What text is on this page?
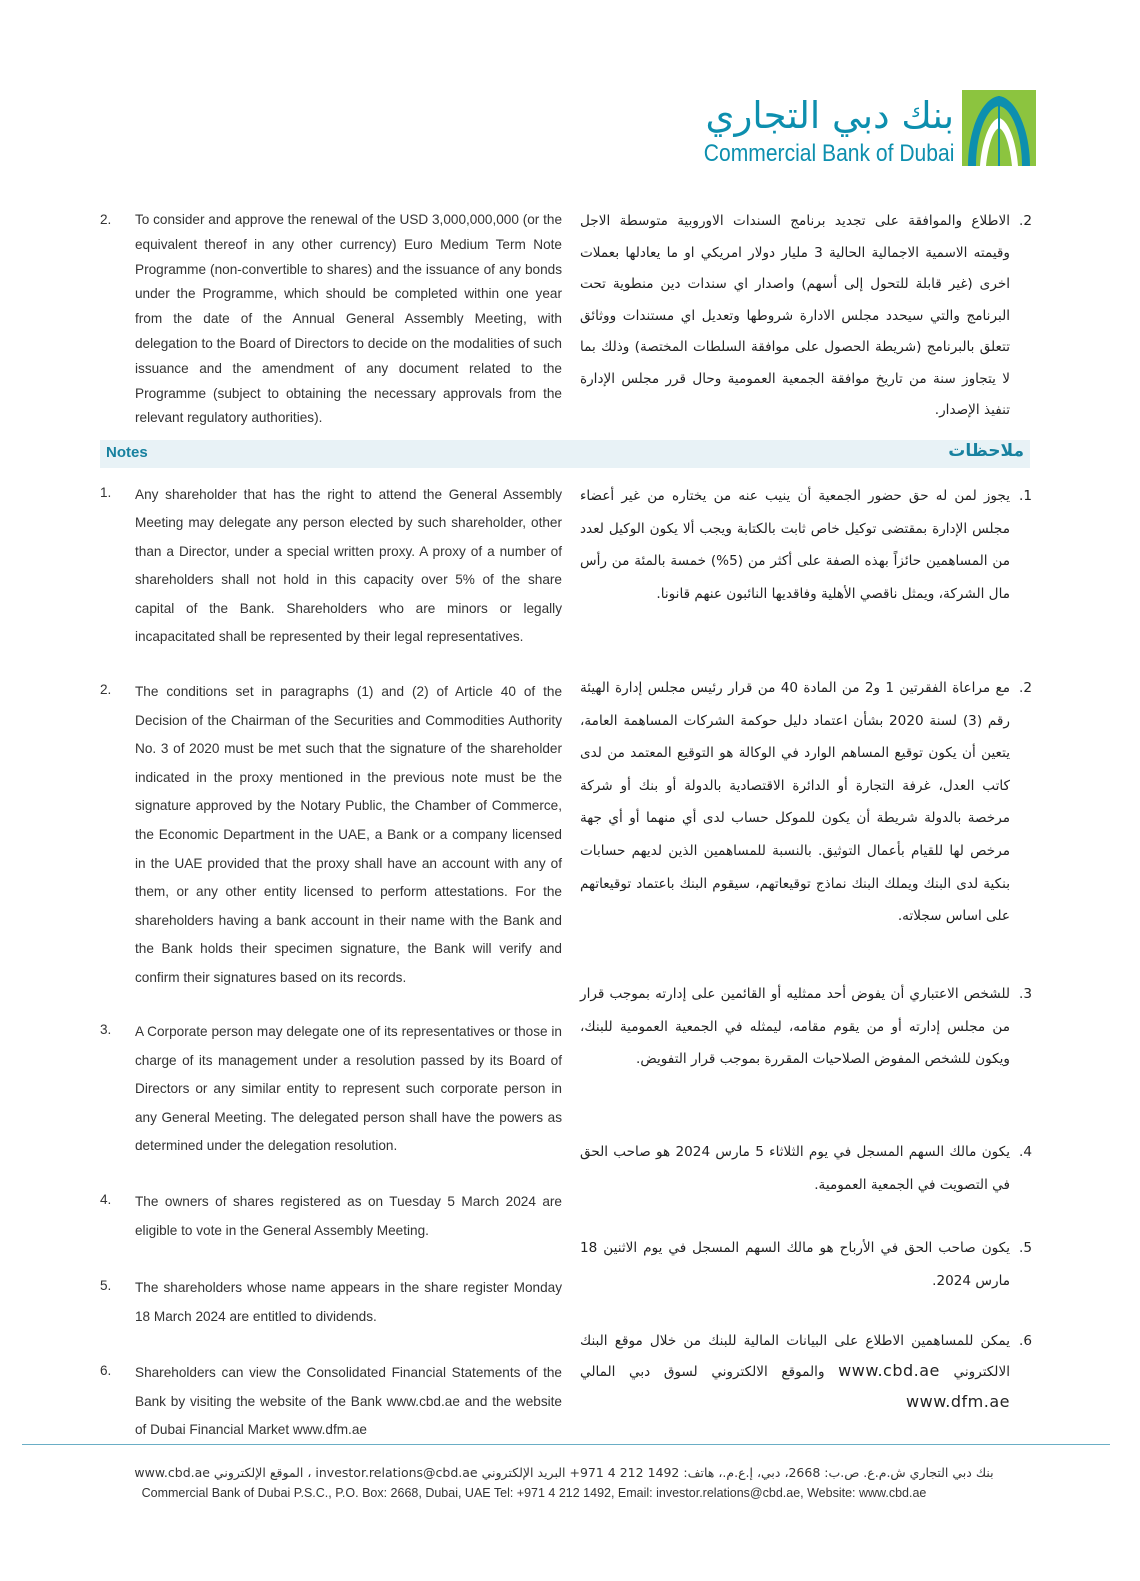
بنك دبي التجاري
Commercial Bank of Dubai
2. To consider and approve the renewal of the USD 3,000,000,000 (or the equivalent thereof in any other currency) Euro Medium Term Note Programme (non-convertible to shares) and the issuance of any bonds under the Programme, which should be completed within one year from the date of the Annual General Assembly Meeting, with delegation to the Board of Directors to decide on the modalities of such issuance and the amendment of any document related to the Programme (subject to obtaining the necessary approvals from the relevant regulatory authorities).
.2
الاطلاع والموافقة على تجديد برنامج السندات الاوروبية متوسطة الاجل وقيمته الاسمية الاجمالية الحالية 3 مليار دولار امريكي او ما يعادلها بعملات اخرى (غير قابلة للتحول إلى أسهم) واصدار اي سندات دين منطوية تحت البرنامج والتي سيحدد مجلس الادارة شروطها وتعديل اي مستندات ووثائق تتعلق بالبرنامج (شريطة الحصول على موافقة السلطات المختصة) وذلك بما لا يتجاوز سنة من تاريخ موافقة الجمعية العمومية وحال قرر مجلس الإدارة تنفيذ الإصدار.
Notes	ملاحظات
1. Any shareholder that has the right to attend the General Assembly Meeting may delegate any person elected by such shareholder, other than a Director, under a special written proxy. A proxy of a number of shareholders shall not hold in this capacity over 5% of the share capital of the Bank. Shareholders who are minors or legally incapacitated shall be represented by their legal representatives.
2. The conditions set in paragraphs (1) and (2) of Article 40 of the Decision of the Chairman of the Securities and Commodities Authority No. 3 of 2020 must be met such that the signature of the shareholder indicated in the proxy mentioned in the previous note must be the signature approved by the Notary Public, the Chamber of Commerce, the Economic Department in the UAE, a Bank or a company licensed in the UAE provided that the proxy shall have an account with any of them, or any other entity licensed to perform attestations. For the shareholders having a bank account in their name with the Bank and the Bank holds their specimen signature, the Bank will verify and confirm their signatures based on its records.
3. A Corporate person may delegate one of its representatives or those in charge of its management under a resolution passed by its Board of Directors or any similar entity to represent such corporate person in any General Meeting. The delegated person shall have the powers as determined under the delegation resolution.
4. The owners of shares registered as on Tuesday 5 March 2024 are eligible to vote in the General Assembly Meeting.
5. The shareholders whose name appears in the share register Monday 18 March 2024 are entitled to dividends.
6. Shareholders can view the Consolidated Financial Statements of the Bank by visiting the website of the Bank www.cbd.ae and the website of Dubai Financial Market www.dfm.ae
.1
يجوز لمن له حق حضور الجمعية أن ينيب عنه من يختاره من غير أعضاء مجلس الإدارة بمقتضى توكيل خاص ثابت بالكتابة ويجب ألا يكون الوكيل لعدد من المساهمين حائزاً بهذه الصفة على أكثر من (5%) خمسة بالمئة من رأس مال الشركة، ويمثل ناقصي الأهلية وفاقديها النائبون عنهم قانونا.
.2
مع مراعاة الفقرتين 1 و2 من المادة 40 من قرار رئيس مجلس إدارة الهيئة رقم (3) لسنة 2020 بشأن اعتماد دليل حوكمة الشركات المساهمة العامة، يتعين أن يكون توقيع المساهم الوارد في الوكالة هو التوقيع المعتمد من لدى كاتب العدل، غرفة التجارة أو الدائرة الاقتصادية بالدولة أو بنك أو شركة مرخصة بالدولة شريطة أن يكون للموكل حساب لدى أي منهما أو أي جهة مرخص لها للقيام بأعمال التوثيق. بالنسبة للمساهمين الذين لديهم حسابات بنكية لدى البنك ويملك البنك نماذج توقيعاتهم، سيقوم البنك باعتماد توقيعاتهم على اساس سجلاته.
.3
للشخص الاعتباري أن يفوض أحد ممثليه أو القائمين على إدارته بموجب قرار من مجلس إدارته أو من يقوم مقامه، ليمثله في الجمعية العمومية للبنك، ويكون للشخص المفوض الصلاحيات المقررة بموجب قرار التفويض.
.4
يكون مالك السهم المسجل في يوم الثلاثاء 5 مارس 2024 هو صاحب الحق في التصويت في الجمعية العمومية.
.5
يكون صاحب الحق في الأرباح هو مالك السهم المسجل في يوم الاثنين 18 مارس 2024.
.6
يمكن للمساهمين الاطلاع على البيانات المالية للبنك من خلال موقع البنك الالكتروني www.cbd.ae والموقع الالكتروني لسوق دبي المالي www.dfm.ae
بنك دبي التجاري ش.م.ع. ص.ب: 2668، دبي، إ.ع.م.، هاتف: 1492 212 4 971+ البريد الإلكتروني investor.relations@cbd.ae ، الموقع الإلكتروني www.cbd.ae
Commercial Bank of Dubai P.S.C., P.O. Box: 2668, Dubai, UAE Tel: +971 4 212 1492, Email: investor.relations@cbd.ae, Website: www.cbd.ae
